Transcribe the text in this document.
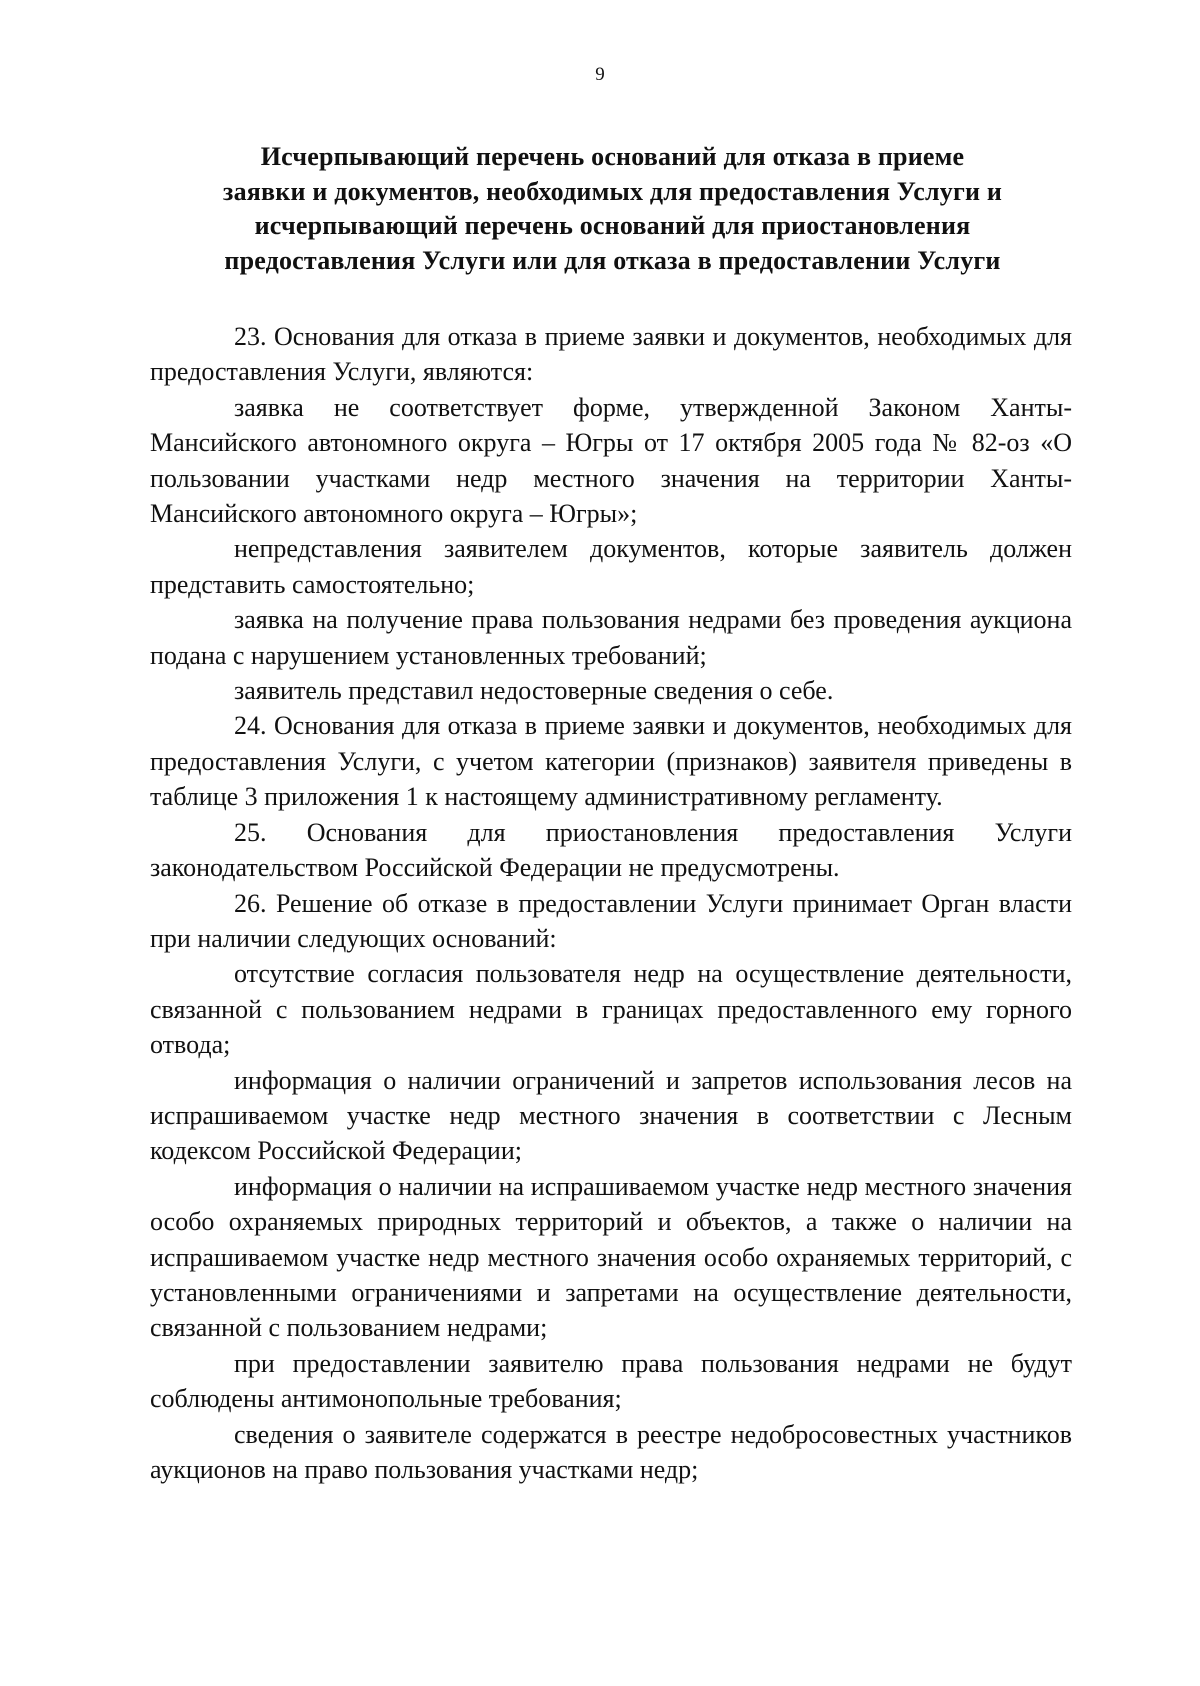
9
Исчерпывающий перечень оснований для отказа в приеме
заявки и документов, необходимых для предоставления Услуги и
исчерпывающий перечень оснований для приостановления
предоставления Услуги или для отказа в предоставлении Услуги

23. Основания для отказа в приеме заявки и документов, необходимых для предоставления Услуги, являются:

заявка не соответствует форме, утвержденной Законом Ханты-Мансийского автономного округа – Югры от 17 октября 2005 года № 82-оз «О пользовании участками недр местного значения на территории Ханты-Мансийского автономного округа – Югры»;

непредставления заявителем документов, которые заявитель должен представить самостоятельно;

заявка на получение права пользования недрами без проведения аукциона подана с нарушением установленных требований;

заявитель представил недостоверные сведения о себе.

24. Основания для отказа в приеме заявки и документов, необходимых для предоставления Услуги, с учетом категории (признаков) заявителя приведены в таблице 3 приложения 1 к настоящему административному регламенту.

25. Основания для приостановления предоставления Услуги законодательством Российской Федерации не предусмотрены.

26. Решение об отказе в предоставлении Услуги принимает Орган власти при наличии следующих оснований:

отсутствие согласия пользователя недр на осуществление деятельности, связанной с пользованием недрами в границах предоставленного ему горного отвода;

информация о наличии ограничений и запретов использования лесов на испрашиваемом участке недр местного значения в соответствии с Лесным кодексом Российской Федерации;

информация о наличии на испрашиваемом участке недр местного значения особо охраняемых природных территорий и объектов, а также о наличии на испрашиваемом участке недр местного значения особо охраняемых территорий, с установленными ограничениями и запретами на осуществление деятельности, связанной с пользованием недрами;

при предоставлении заявителю права пользования недрами не будут соблюдены антимонопольные требования;

сведения о заявителе содержатся в реестре недобросовестных участников аукционов на право пользования участками недр;
